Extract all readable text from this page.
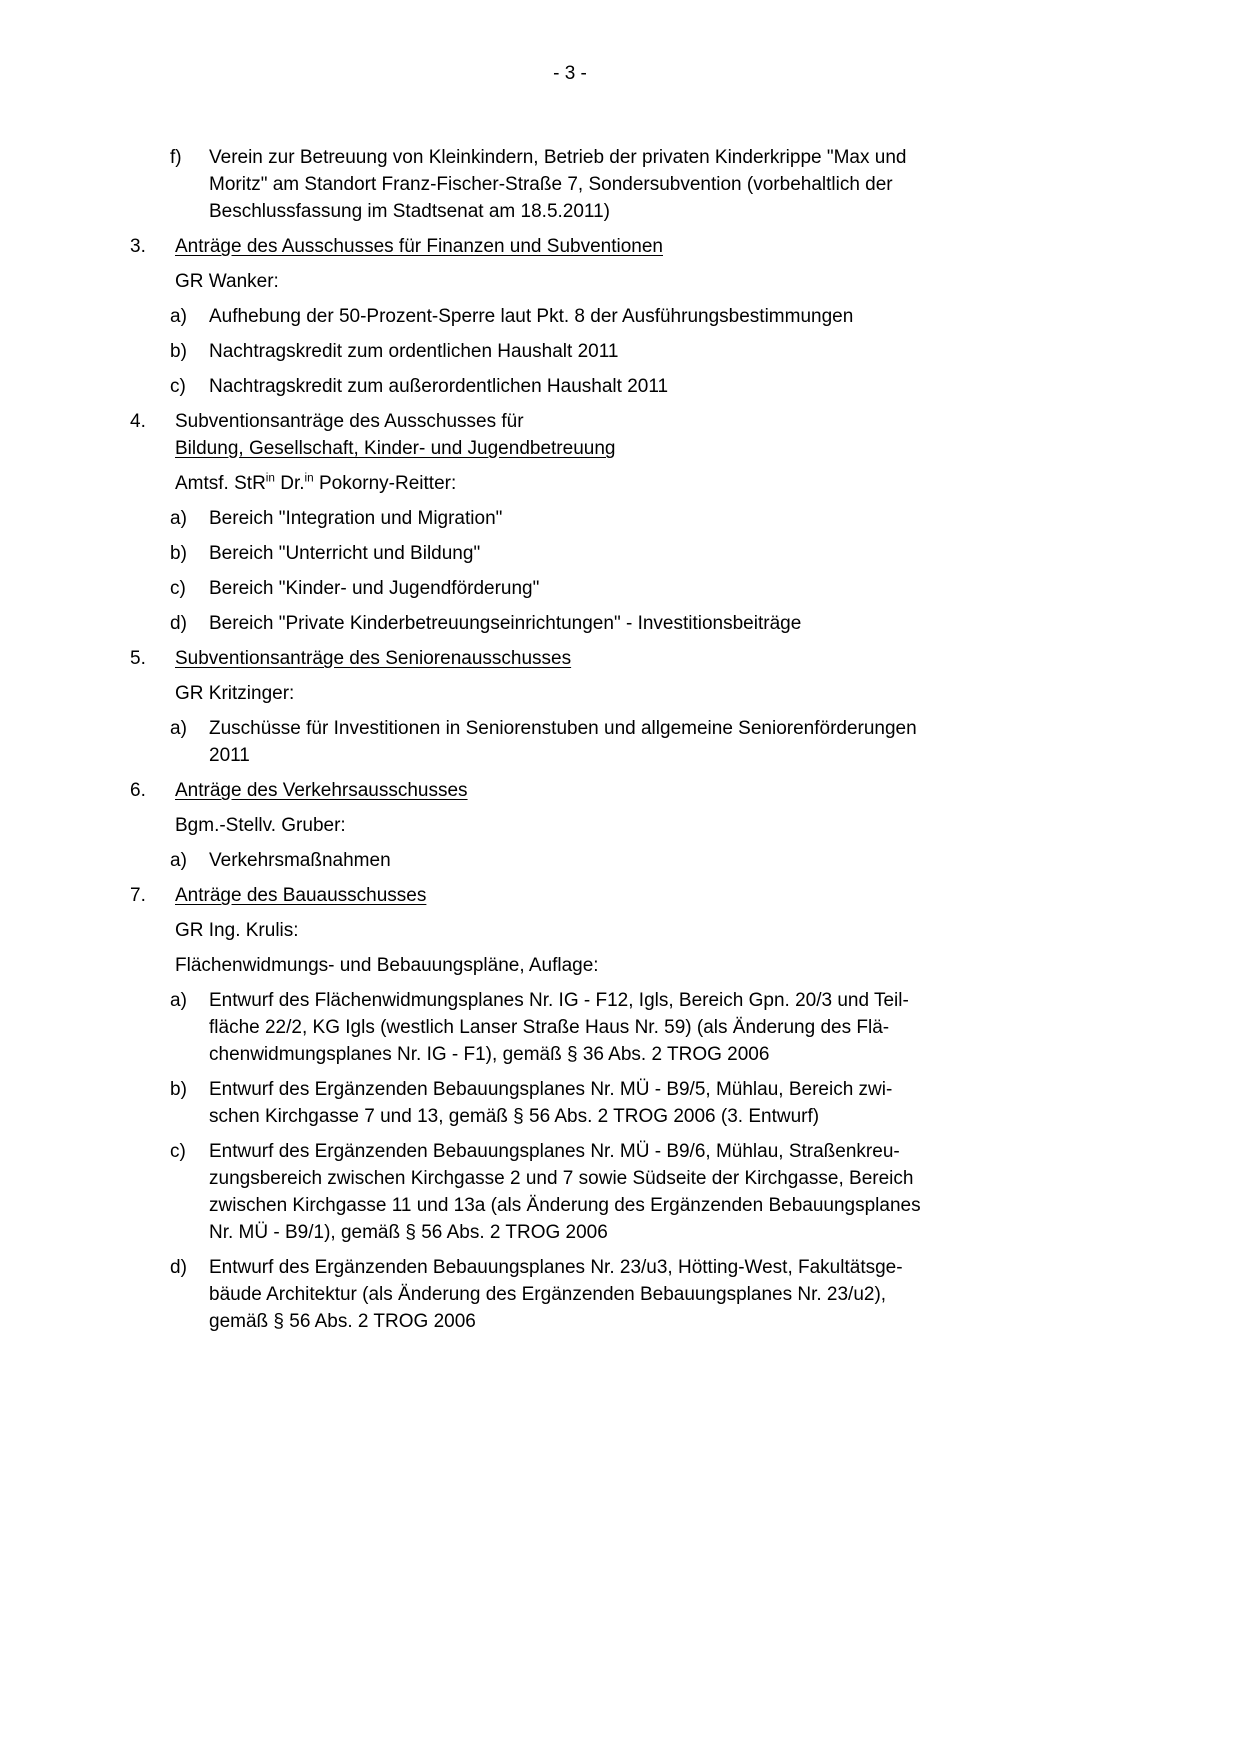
- 3 -
f)	Verein zur Betreuung von Kleinkindern, Betrieb der privaten Kinderkrippe "Max und
Moritz" am Standort Franz-Fischer-Straße 7, Sondersubvention (vorbehaltlich der
Beschlussfassung im Stadtsenat am 18.5.2011)
3.	Anträge des Ausschusses für Finanzen und Subventionen

GR Wanker:

a)	Aufhebung der 50-Prozent-Sperre laut Pkt. 8 der Ausführungsbestimmungen
b)	Nachtragskredit zum ordentlichen Haushalt 2011
c)	Nachtragskredit zum außerordentlichen Haushalt 2011
4.	Subventionsanträge des Ausschusses für
Bildung, Gesellschaft, Kinder- und Jugendbetreuung

Amtsf. StR$^{in}$ Dr.$^{in}$ Pokorny-Reitter:

a)	Bereich "Integration und Migration"
b)	Bereich "Unterricht und Bildung"
c)	Bereich "Kinder- und Jugendförderung"
d)	Bereich "Private Kinderbetreuungseinrichtungen" - Investitionsbeiträge
5.	Subventionsanträge des Seniorenausschusses

GR Kritzinger:

a)	Zuschüsse für Investitionen in Seniorenstuben und allgemeine Seniorenförderungen
2011
6.	Anträge des Verkehrsausschusses

Bgm.-Stellv. Gruber:

a)	Verkehrsmaßnahmen
7.	Anträge des Bauausschusses

GR Ing. Krulis:

Flächenwidmungs- und Bebauungspläne, Auflage:

a)	Entwurf des Flächenwidmungsplanes Nr. IG - F12, Igls, Bereich Gpn. 20/3 und Teil-
fläche 22/2, KG Igls (westlich Lanser Straße Haus Nr. 59) (als Änderung des Flä-
chenwidmungsplanes Nr. IG - F1), gemäß § 36 Abs. 2 TROG 2006
b)	Entwurf des Ergänzenden Bebauungsplanes Nr. MÜ - B9/5, Mühlau, Bereich zwi-
schen Kirchgasse 7 und 13, gemäß § 56 Abs. 2 TROG 2006 (3. Entwurf)
c)	Entwurf des Ergänzenden Bebauungsplanes Nr. MÜ - B9/6, Mühlau, Straßenkreu-
zungsbereich zwischen Kirchgasse 2 und 7 sowie Südseite der Kirchgasse, Bereich
zwischen Kirchgasse 11 und 13a (als Änderung des Ergänzenden Bebauungsplanes
Nr. MÜ - B9/1), gemäß § 56 Abs. 2 TROG 2006
d)	Entwurf des Ergänzenden Bebauungsplanes Nr. 23/u3, Hötting-West, Fakultätsge-
bäude Architektur (als Änderung des Ergänzenden Bebauungsplanes Nr. 23/u2),
gemäß § 56 Abs. 2 TROG 2006
